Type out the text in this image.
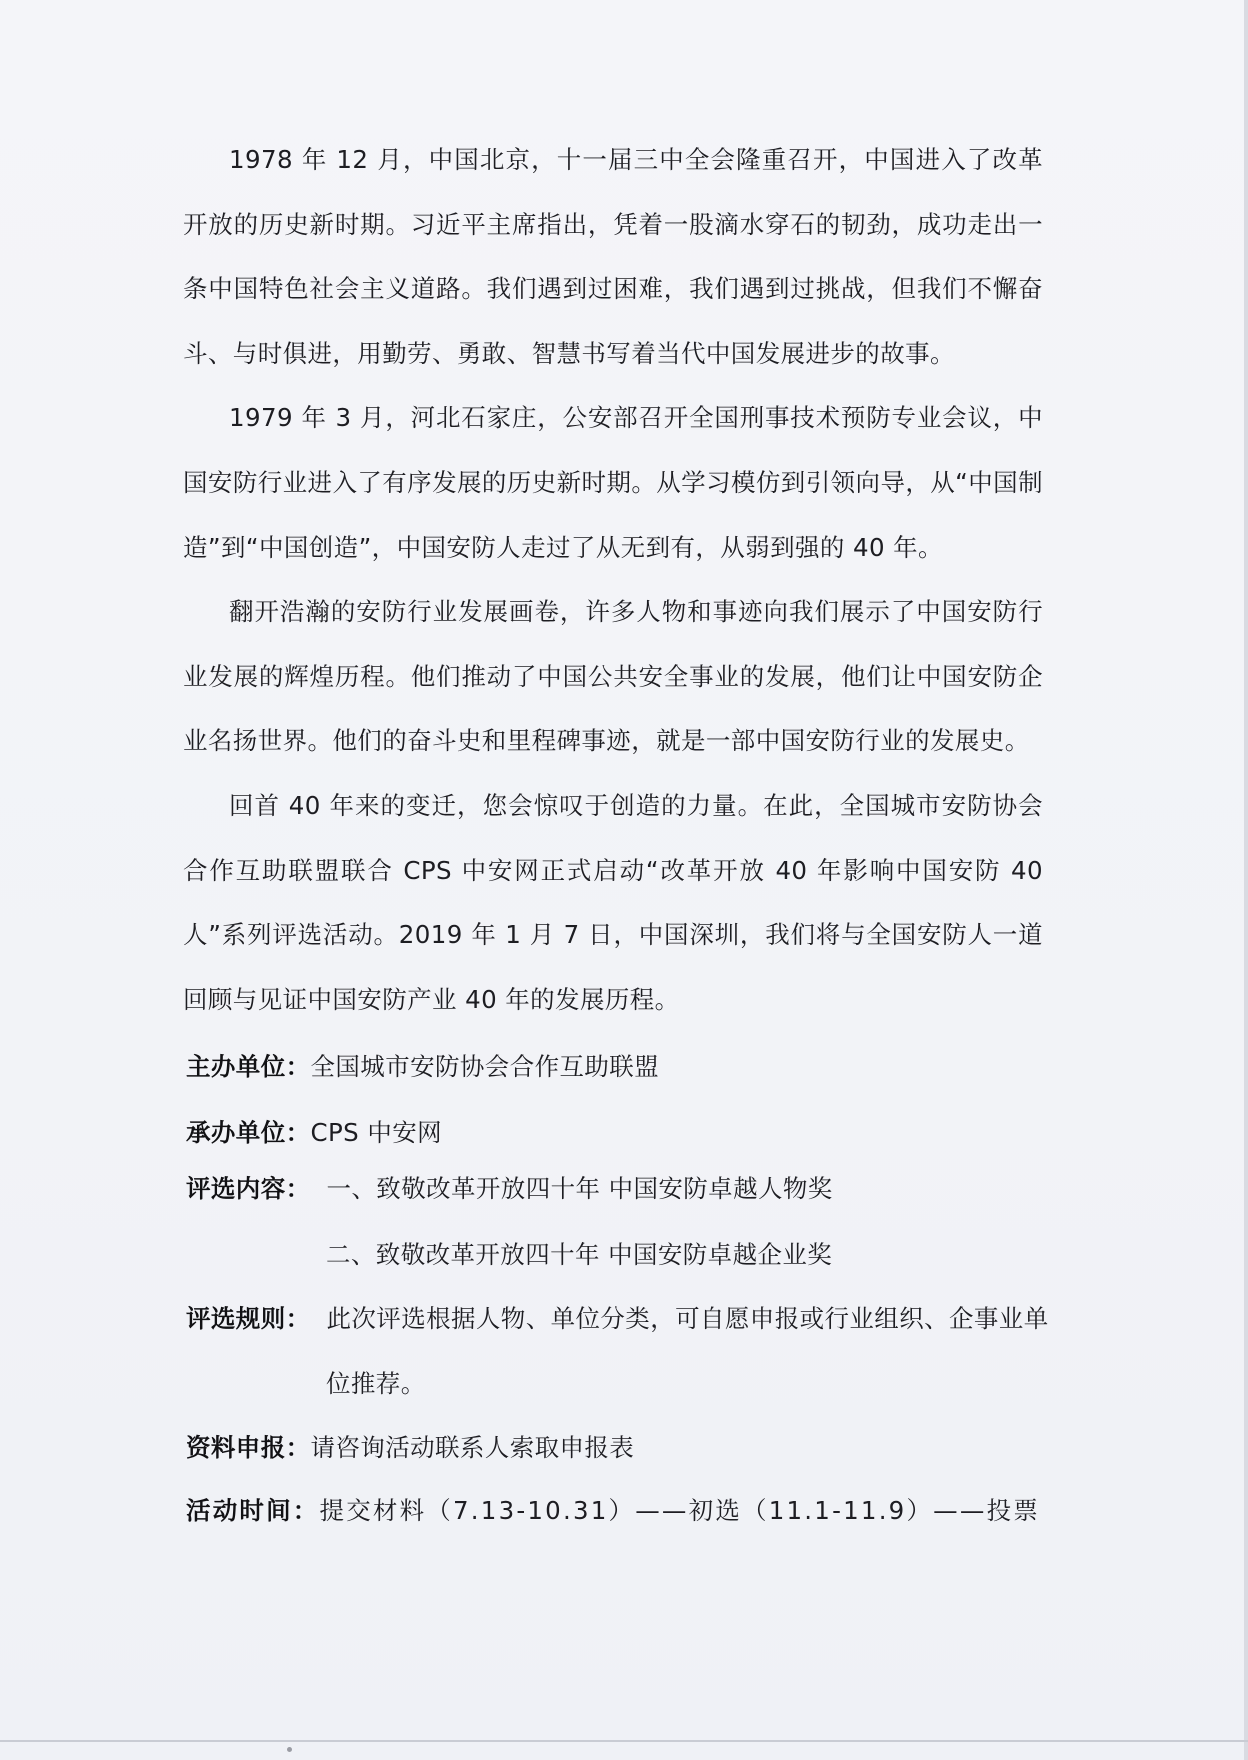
1978 年 12 月，中国北京，十一届三中全会隆重召开，中国进入了改革开放的历史新时期。习近平主席指出，凭着一股滴水穿石的韧劲，成功走出一条中国特色社会主义道路。我们遇到过困难，我们遇到过挑战，但我们不懈奋斗、与时俱进，用勤劳、勇敢、智慧书写着当代中国发展进步的故事。

1979 年 3 月，河北石家庄，公安部召开全国刑事技术预防专业会议，中国安防行业进入了有序发展的历史新时期。从学习模仿到引领向导，从“中国制造”到“中国创造”，中国安防人走过了从无到有，从弱到强的 40 年。

翻开浩瀚的安防行业发展画卷，许多人物和事迹向我们展示了中国安防行业发展的辉煌历程。他们推动了中国公共安全事业的发展，他们让中国安防企业名扬世界。他们的奋斗史和里程碑事迹，就是一部中国安防行业的发展史。

回首 40 年来的变迁，您会惊叹于创造的力量。在此，全国城市安防协会合作互助联盟联合 CPS 中安网正式启动“改革开放 40 年影响中国安防 40 人”系列评选活动。2019 年 1 月 7 日，中国深圳，我们将与全国安防人一道回顾与见证中国安防产业 40 年的发展历程。

主办单位：全国城市安防协会合作互助联盟
承办单位：CPS 中安网
评选内容： 一、致敬改革开放四十年 中国安防卓越人物奖
二、致敬改革开放四十年 中国安防卓越企业奖
评选规则： 此次评选根据人物、单位分类，可自愿申报或行业组织、企事业单
位推荐。
资料申报：请咨询活动联系人索取申报表
活动时间：提交材料（7.13-10.31）——初选（11.1-11.9）——投票
